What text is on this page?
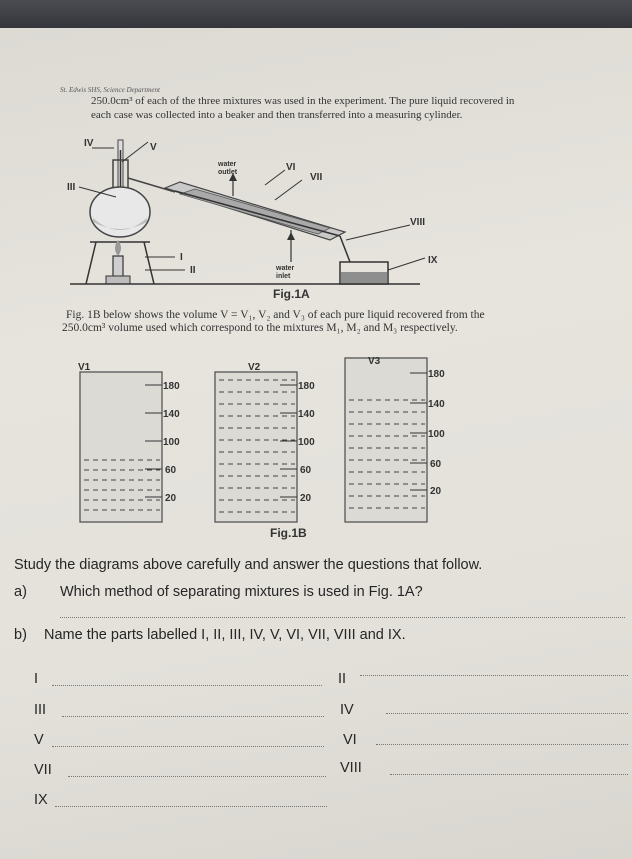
St. Edwis SHS, Science Department
250.0cm³ of each of the three mixtures was used in the experiment. The pure liquid recovered in
each case was collected into a beaker and then transferred into a measuring cylinder.
IV	V
III
I
II
VI
VII
VIII
IX
water
outlet
water
inlet
Fig.1A
Fig. 1B below shows the volume V = V₁, V₂ and V₃ of each pure liquid recovered from the
250.0cm³ volume used which correspond to the mixtures M₁, M₂ and M₃ respectively.
V1
180
140
100
60
20
V2
180
140
100
60
20
V3
180
140
100
60
20
Fig.1B
Study the diagrams above carefully and answer the questions that follow.
a) Which method of separating mixtures is used in Fig. 1A?
b) Name the parts labelled I, II, III, IV, V, VI, VII, VIII and IX.
I	II
III	IV
V	VI
VII	VIII
IX
